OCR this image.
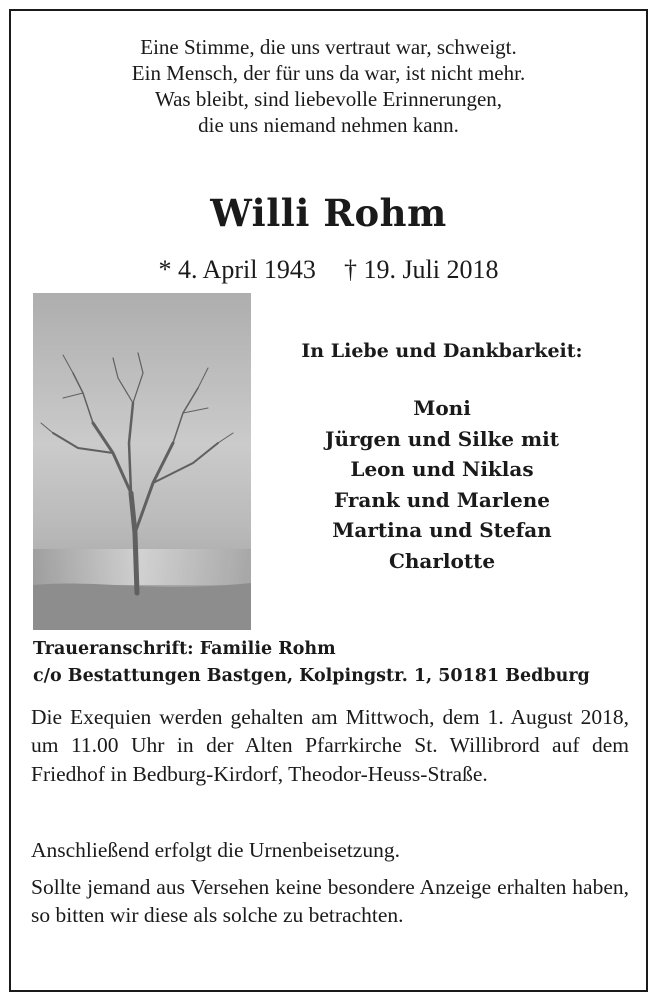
Eine Stimme, die uns vertraut war, schweigt.
Ein Mensch, der für uns da war, ist nicht mehr.
Was bleibt, sind liebevolle Erinnerungen,
die uns niemand nehmen kann.
Willi Rohm
* 4. April 1943 † 19. Juli 2018
In Liebe und Dankbarkeit:
Moni
Jürgen und Silke mit
Leon und Niklas
Frank und Marlene
Martina und Stefan
Charlotte
Traueranschrift: Familie Rohm
c/o Bestattungen Bastgen, Kolpingstr. 1, 50181 Bedburg
Die Exequien werden gehalten am Mittwoch, dem 1. August 2018, um 11.00 Uhr in der Alten Pfarrkirche St. Willibrord auf dem Friedhof in Bedburg-Kirdorf, Theodor-Heuss-Straße.
Anschließend erfolgt die Urnenbeisetzung.
Sollte jemand aus Versehen keine besondere Anzeige erhalten haben, so bitten wir diese als solche zu betrachten.
